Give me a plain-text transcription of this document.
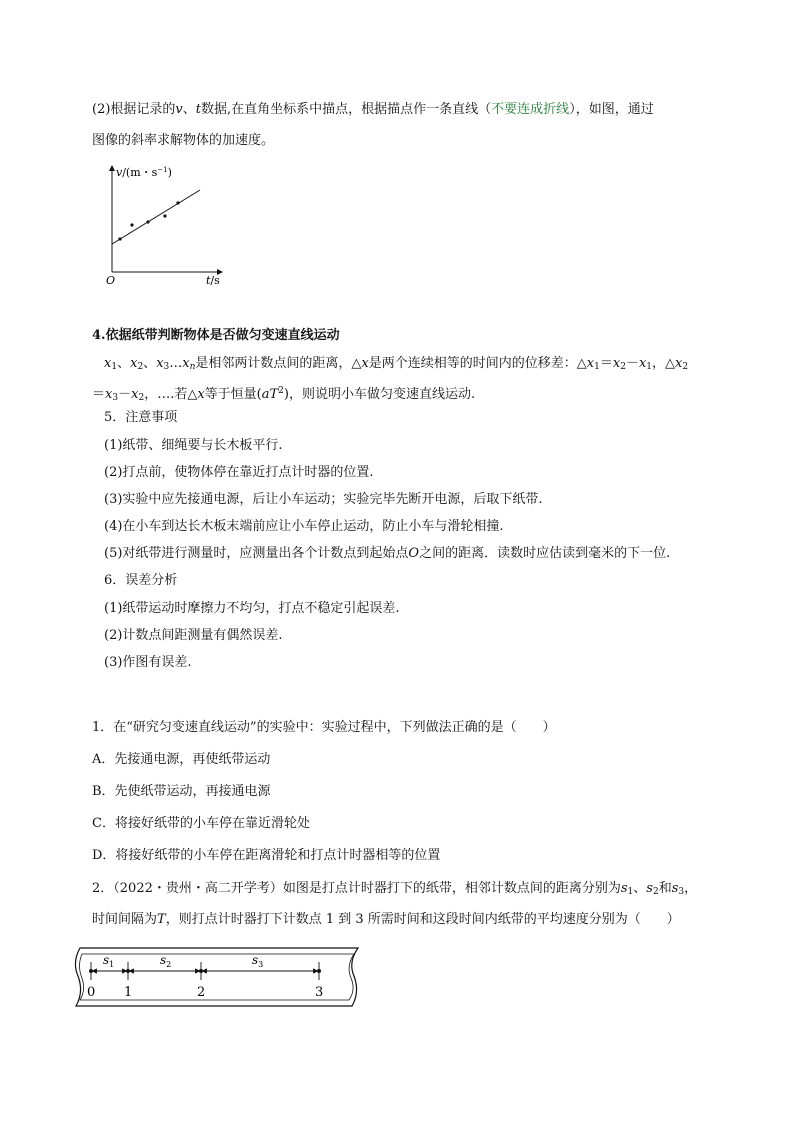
(2)根据记录的v、t数据,在直角坐标系中描点，根据描点作一条直线（不要连成折线），如图，通过
图像的斜率求解物体的加速度。
v/(m・$s^{-1}$)
O	t/s
4.依据纸带判断物体是否做匀变速直线运动
$x_1$、$x_2$、$x_3\dots x_n$是相邻两计数点间的距离，△x是两个连续相等的时间内的位移差：$\triangle x_1=x_2-x_1$，$\triangle x_2$
$=x_3-x_2$，….若△x等于恒量$(aT^2)$，则说明小车做匀变速直线运动.
5．注意事项
(1)纸带、细绳要与长木板平行.
(2)打点前，使物体停在靠近打点计时器的位置.
(3)实验中应先接通电源，后让小车运动；实验完毕先断开电源，后取下纸带.
(4)在小车到达长木板末端前应让小车停止运动，防止小车与滑轮相撞.
(5)对纸带进行测量时，应测量出各个计数点到起始点O之间的距离．读数时应估读到毫米的下一位.
6．误差分析
(1)纸带运动时摩擦力不均匀，打点不稳定引起误差.
(2)计数点间距测量有偶然误差.
(3)作图有误差.
1．在“研究匀变速直线运动”的实验中：实验过程中，下列做法正确的是（　　）
A．先接通电源，再使纸带运动
B．先使纸带运动，再接通电源
C．将接好纸带的小车停在靠近滑轮处
D．将接好纸带的小车停在距离滑轮和打点计时器相等的位置
2．（2022・贵州・高二开学考）如图是打点计时器打下的纸带，相邻计数点间的距离分别为$s_1$、$s_2$和$s_3$，
时间间隔为T，则打点计时器打下计数点 1 到 3 所需时间和这段时间内纸带的平均速度分别为（　　）
$s_1$	$s_2$	$s_3$
0 1	2	3
